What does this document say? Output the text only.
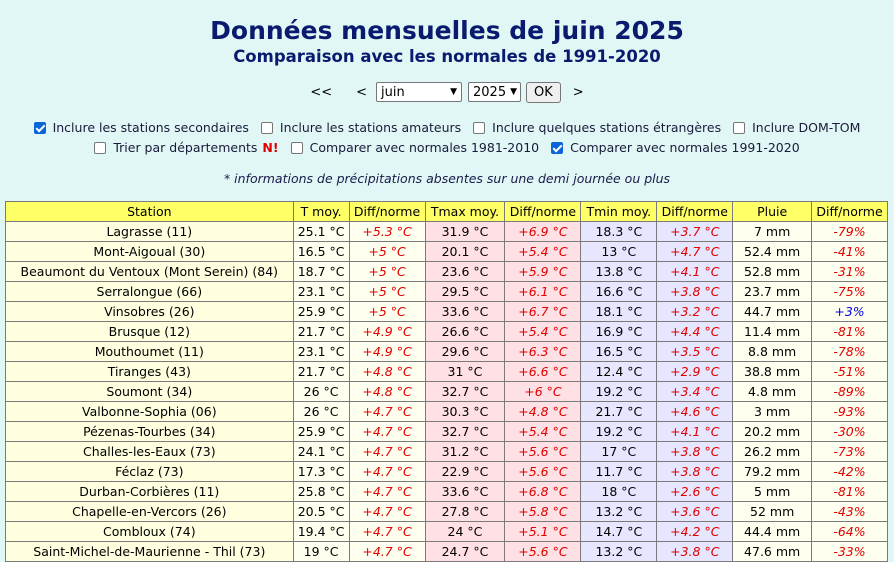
Données mensuelles de juin 2025
Comparaison avec les normales de 1991-2020
<< < juin	▼ 2025 ▼	OK	>
Inclure les stations secondaires Inclure les stations amateurs Inclure quelques stations étrangères Inclure DOM-TOM
Trier par départements N! Comparer avec normales 1981-2010 Comparer avec normales 1991-2020
* informations de précipitations absentes sur une demi journée ou plus
Station	T moy.	Diff/norme	Tmax moy.	Diff/norme	Tmin moy.	Diff/norme	Pluie	Diff/norme
Lagrasse (11)	25.1 °C	+5.3 °C	31.9 °C	+6.9 °C	18.3 °C	+3.7 °C	7 mm	-79%
Mont-Aigoual (30)	16.5 °C	+5 °C	20.1 °C	+5.4 °C	13 °C	+4.7 °C	52.4 mm	-41%
Beaumont du Ventoux (Mont Serein) (84)	18.7 °C	+5 °C	23.6 °C	+5.9 °C	13.8 °C	+4.1 °C	52.8 mm	-31%
Serralongue (66)	23.1 °C	+5 °C	29.5 °C	+6.1 °C	16.6 °C	+3.8 °C	23.7 mm	-75%
Vinsobres (26)	25.9 °C	+5 °C	33.6 °C	+6.7 °C	18.1 °C	+3.2 °C	44.7 mm	+3%
Brusque (12)	21.7 °C	+4.9 °C	26.6 °C	+5.4 °C	16.9 °C	+4.4 °C	11.4 mm	-81%
Mouthoumet (11)	23.1 °C	+4.9 °C	29.6 °C	+6.3 °C	16.5 °C	+3.5 °C	8.8 mm	-78%
Tiranges (43)	21.7 °C	+4.8 °C	31 °C	+6.6 °C	12.4 °C	+2.9 °C	38.8 mm	-51%
Soumont (34)	26 °C	+4.8 °C	32.7 °C	+6 °C	19.2 °C	+3.4 °C	4.8 mm	-89%
Valbonne-Sophia (06)	26 °C	+4.7 °C	30.3 °C	+4.8 °C	21.7 °C	+4.6 °C	3 mm	-93%
Pézenas-Tourbes (34)	25.9 °C	+4.7 °C	32.7 °C	+5.4 °C	19.2 °C	+4.1 °C	20.2 mm	-30%
Challes-les-Eaux (73)	24.1 °C	+4.7 °C	31.2 °C	+5.6 °C	17 °C	+3.8 °C	26.2 mm	-73%
Féclaz (73)	17.3 °C	+4.7 °C	22.9 °C	+5.6 °C	11.7 °C	+3.8 °C	79.2 mm	-42%
Durban-Corbières (11)	25.8 °C	+4.7 °C	33.6 °C	+6.8 °C	18 °C	+2.6 °C	5 mm	-81%
Chapelle-en-Vercors (26)	20.5 °C	+4.7 °C	27.8 °C	+5.8 °C	13.2 °C	+3.6 °C	52 mm	-43%
Combloux (74)	19.4 °C	+4.7 °C	24 °C	+5.1 °C	14.7 °C	+4.2 °C	44.4 mm	-64%
Saint-Michel-de-Maurienne - Thil (73)	19 °C	+4.7 °C	24.7 °C	+5.6 °C	13.2 °C	+3.8 °C	47.6 mm	-33%
